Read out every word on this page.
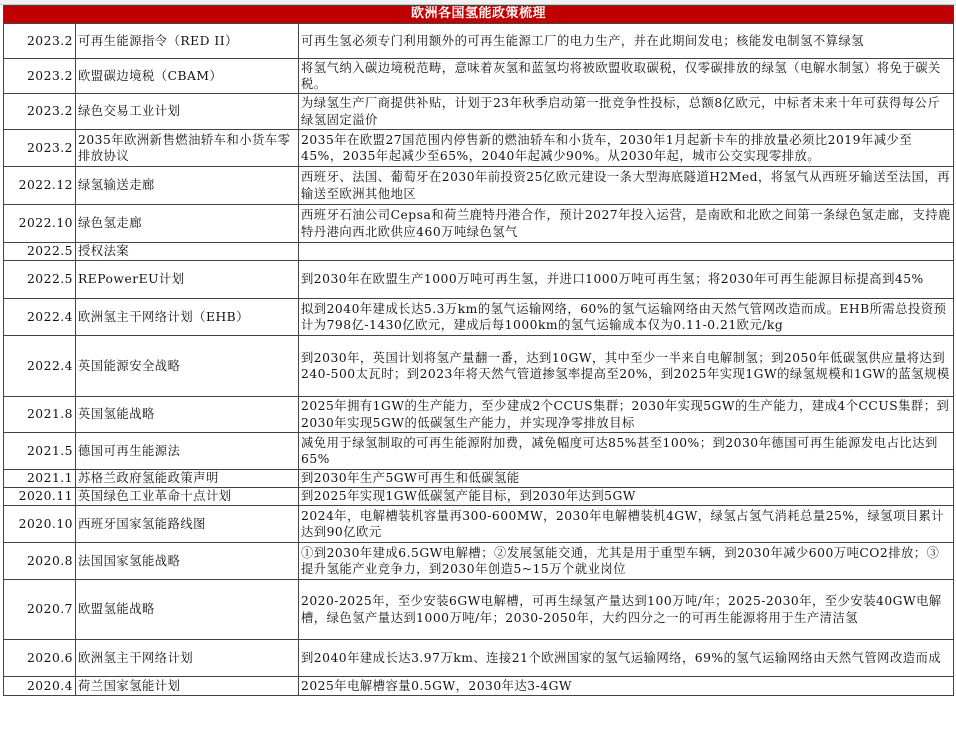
欧洲各国氢能政策梳理		
2023.2	可再生能源指令（RED II）	可再生氢必须专门利用额外的可再生能源工厂的电力生产，并在此期间发电；核能发电制氢不算绿氢
2023.2	欧盟碳边境税（CBAM）	将氢气纳入碳边境税范畴，意味着灰氢和蓝氢均将被欧盟收取碳税，仅零碳排放的绿氢（电解水制氢）将免于碳关税。
2023.2	绿色交易工业计划	为绿氢生产厂商提供补贴，计划于23年秋季启动第一批竞争性投标，总额8亿欧元，中标者未来十年可获得每公斤绿氢固定溢价
2023.2	2035年欧洲新售燃油轿车和小货车零排放协议	2035年在欧盟27国范围内停售新的燃油轿车和小货车，2030年1月起新卡车的排放量必须比2019年减少至45%，2035年起减少至65%，2040年起减少90%。从2030年起，城市公交实现零排放。
2022.12	绿氢输送走廊	西班牙、法国、葡萄牙在2030年前投资25亿欧元建设一条大型海底隧道H2Med，将氢气从西班牙输送至法国，再输送至欧洲其他地区
2022.10	绿色氢走廊	西班牙石油公司Cepsa和荷兰鹿特丹港合作，预计2027年投入运营，是南欧和北欧之间第一条绿色氢走廊，支持鹿特丹港向西北欧供应460万吨绿色氢气
2022.5	授权法案	
2022.5	REPowerEU计划	到2030年在欧盟生产1000万吨可再生氢，并进口1000万吨可再生氢；将2030年可再生能源目标提高到45%
2022.4	欧洲氢主干网络计划（EHB）	拟到2040年建成长达5.3万km的氢气运输网络，60%的氢气运输网络由天然气管网改造而成。EHB所需总投资预计为798亿-1430亿欧元，建成后每1000km的氢气运输成本仅为0.11-0.21欧元/kg
2022.4	英国能源安全战略	到2030年，英国计划将氢产量翻一番，达到10GW，其中至少一半来自电解制氢；到2050年低碳氢供应量将达到240-500太瓦时；到2023年将天然气管道掺氢率提高至20%，到2025年实现1GW的绿氢规模和1GW的蓝氢规模
2021.8	英国氢能战略	2025年拥有1GW的生产能力，至少建成2个CCUS集群；2030年实现5GW的生产能力，建成4个CCUS集群；到2030年实现5GW的低碳氢生产能力，并实现净零排放目标
2021.5	德国可再生能源法	减免用于绿氢制取的可再生能源附加费，减免幅度可达85%甚至100%；到2030年德国可再生能源发电占比达到65%
2021.1	苏格兰政府氢能政策声明	到2030年生产5GW可再生和低碳氢能
2020.11	英国绿色工业革命十点计划	到2025年实现1GW低碳氢产能目标，到2030年达到5GW
2020.10	西班牙国家氢能路线图	2024年，电解槽装机容量再300-600MW，2030年电解槽装机4GW，绿氢占氢气消耗总量25%，绿氢项目累计达到90亿欧元
2020.8	法国国家氢能战略	①到2030年建成6.5GW电解槽；②发展氢能交通，尤其是用于重型车辆，到2030年减少600万吨CO2排放；③提升氢能产业竞争力，到2030年创造5~15万个就业岗位
2020.7	欧盟氢能战略	2020-2025年，至少安装6GW电解槽，可再生绿氢产量达到100万吨/年；2025-2030年，至少安装40GW电解槽，绿色氢产量达到1000万吨/年；2030-2050年，大约四分之一的可再生能源将用于生产清洁氢
2020.6	欧洲氢主干网络计划	到2040年建成长达3.97万km、连接21个欧洲国家的氢气运输网络，69%的氢气运输网络由天然气管网改造而成
2020.4	荷兰国家氢能计划	2025年电解槽容量0.5GW，2030年达3-4GW
